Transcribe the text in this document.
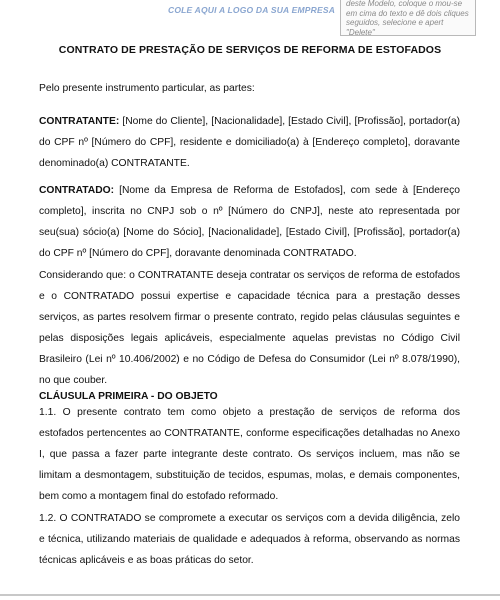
COLE AQUI A LOGO DA SUA EMPRESA
deste Modelo, coloque o mou-se em cima do texto e dê dois cliques seguidos, selecione e apert "Delete"
CONTRATO DE PRESTAÇÃO DE SERVIÇOS DE REFORMA DE ESTOFADOS
Pelo presente instrumento particular, as partes:
CONTRATANTE: [Nome do Cliente], [Nacionalidade], [Estado Civil], [Profissão], portador(a) do CPF nº [Número do CPF], residente e domiciliado(a) à [Endereço completo], doravante denominado(a) CONTRATANTE.
CONTRATADO: [Nome da Empresa de Reforma de Estofados], com sede à [Endereço completo], inscrita no CNPJ sob o nº [Número do CNPJ], neste ato representada por seu(sua) sócio(a) [Nome do Sócio], [Nacionalidade], [Estado Civil], [Profissão], portador(a) do CPF nº [Número do CPF], doravante denominada CONTRATADO.
Considerando que: o CONTRATANTE deseja contratar os serviços de reforma de estofados e o CONTRATADO possui expertise e capacidade técnica para a prestação desses serviços, as partes resolvem firmar o presente contrato, regido pelas cláusulas seguintes e pelas disposições legais aplicáveis, especialmente aquelas previstas no Código Civil Brasileiro (Lei nº 10.406/2002) e no Código de Defesa do Consumidor (Lei nº 8.078/1990), no que couber.
CLÁUSULA PRIMEIRA - DO OBJETO
1.1. O presente contrato tem como objeto a prestação de serviços de reforma dos estofados pertencentes ao CONTRATANTE, conforme especificações detalhadas no Anexo I, que passa a fazer parte integrante deste contrato. Os serviços incluem, mas não se limitam a desmontagem, substituição de tecidos, espumas, molas, e demais componentes, bem como a montagem final do estofado reformado.
1.2. O CONTRATADO se compromete a executar os serviços com a devida diligência, zelo e técnica, utilizando materiais de qualidade e adequados à reforma, observando as normas técnicas aplicáveis e as boas práticas do setor.
